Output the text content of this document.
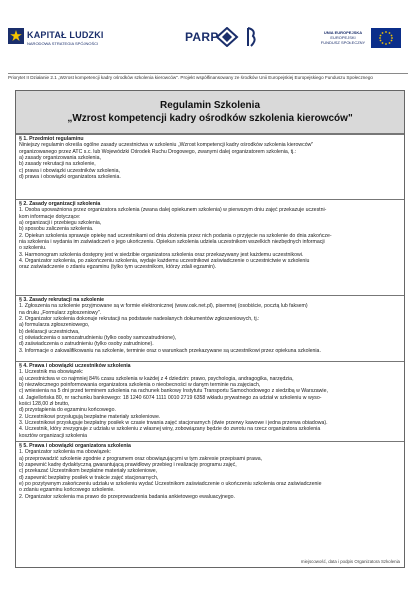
KAPITAŁ LUDZKI
NARODOWA STRATEGIA SPÓJNOŚCI	PARP	UNIA EUROPEJSKA
EUROPEJSKI
FUNDUSZ SPOŁECZNY
Priorytet II Działanie 2.1 „Wzrost kompetencji kadry ośrodków szkolenia kierowców". Projekt współfinansowany ze środków Unii Europejskiej Europejskiego Funduszu Społecznego
Regulamin Szkolenia
„Wzrost kompetencji kadry ośrodków szkolenia kierowców"
§ 1. Przedmiot regulaminu
Niniejszy regulamin określa ogólne zasady uczestnictwa w szkoleniu „Wzrost kompetencji kadry ośrodków szkolenia kierowców"
organizowanego przez ATC s.c. lub Wojewódzki Ośrodek Ruchu Drogowego, zwanymi dalej organizatorem szkolenia, tj.:
a) zasady organizowania szkolenia,
b) zasady rekrutacji na szkolenie,
c) prawa i obowiązki uczestników szkolenia,
d) prawa i obowiązki organizatora szkolenia.
§ 2. Zasady organizacji szkolenia
1. Osoba upoważniona przez organizatora szkolenia (zwana dalej opiekunem szkolenia) w pierwszym dniu zajęć przekazuje uczestni-
kom informacje dotyczące:
a) organizacji i przebiegu szkolenia,
b) sposobu zaliczenia szkolenia.
2. Opiekun szkolenia sprawuje opiekę nad uczestnikami od dnia złożenia przez nich podania o przyjęcie na szkolenie do dnia zakończe-
nia szkolenia i wydania im zaświadczeń o jego ukończeniu. Opiekun szkolenia udziela uczestnikom wszelkich niezbędnych informacji
o szkoleniu.
3. Harmonogram szkolenia dostępny jest w siedzibie organizatora szkolenia oraz przekazywany jest każdemu uczestnikowi.
4. Organizator szkolenia, po zakończeniu szkolenia, wydaje każdemu uczestnikowi zaświadczenie o uczestnictwie w szkoleniu
oraz zaświadczenie o zdaniu egzaminu (tylko tym uczestnikom, którzy zdali egzamin).
§ 3. Zasady rekrutacji na szkolenie
1. Zgłoszenia na szkolenie przyjmowane są w formie elektronicznej (www.osk.net.pl), pisemnej (osobiście, pocztą lub faksem)
na druku „Formularz zgłoszeniowy".
2. Organizator szkolenia dokonuje rekrutacji na podstawie nadesłanych dokumentów zgłoszeniowych, tj.:
a) formularza zgłoszeniowego,
b) deklaracji uczestnictwa,
c) oświadczenia o samozatrudnieniu (tylko osoby samozatrudnione),
d) zaświadczenia o zatrudnieniu (tylko osoby zatrudnione).
3. Informacje o zakwalifikowaniu na szkolenie, terminie oraz o warunkach przekazywane są uczestnikowi przez opiekuna szkolenia.
§ 4. Prawa i obowiązki uczestników szkolenia
1. Uczestnik ma obowiązek:
a) uczestnictwa w co najmniej 84% czasu szkolenia w każdej z 4 dziedzin: prawo, psychologia, andragogika, narzędzia,
b) niezwłocznego poinformowania organizatora szkolenia o nieobecności w danym terminie na zajęciach,
c) wniesienia na 5 dni przed terminem szkolenia na rachunek bankowy Instytutu Transportu Samochodowego z siedzibą w Warszawie,
ul. Jagiellońska 80, nr rachunku bankowego: 18 1240 6074 1111 0010 2719 6358 wkładu prywatnego za udział w szkoleniu w wyso-
kości 128,00 zł brutto,
d) przystąpienia do egzaminu końcowego.
2. Uczestnikowi przysługują bezpłatne materiały szkoleniowe.
3. Uczestnikowi przysługuje bezpłatny posiłek w czasie trwania zajęć stacjonarnych (dwie przerwy kawowe i jedna przerwa obiadowa).
4. Uczestnik, który zrezygnuje z udziału w szkoleniu z własnej winy, zobowiązany będzie do zwrotu na rzecz organizatora szkolenia
kosztów organizacji szkolenia
§ 5. Prawa i obowiązki organizatora szkolenia
1. Organizator szkolenia ma obowiązek:
a) przeprowadzić szkolenie zgodnie z programem oraz obowiązującymi w tym zakresie przepisami prawa,
b) zapewnić kadrę dydaktyczną gwarantującą prawidłowy przebieg i realizację programu zajęć,
c) przekazać Uczestnikom bezpłatne materiały szkoleniowe,
d) zapewnić bezpłatny posiłek w trakcie zajęć stacjonarnych,
e) po pozytywnym zakończeniu udziału w szkoleniu wydać Uczestnikom zaświadczenie o ukończeniu szkolenia oraz zaświadczenie
o zdaniu egzaminu końcowego szkolenie.
2. Organizator szkolenia ma prawo do przeprowadzenia badania ankietowego ewaluacyjnego.
miejscowość, data i podpis Organizatora Szkolenia
